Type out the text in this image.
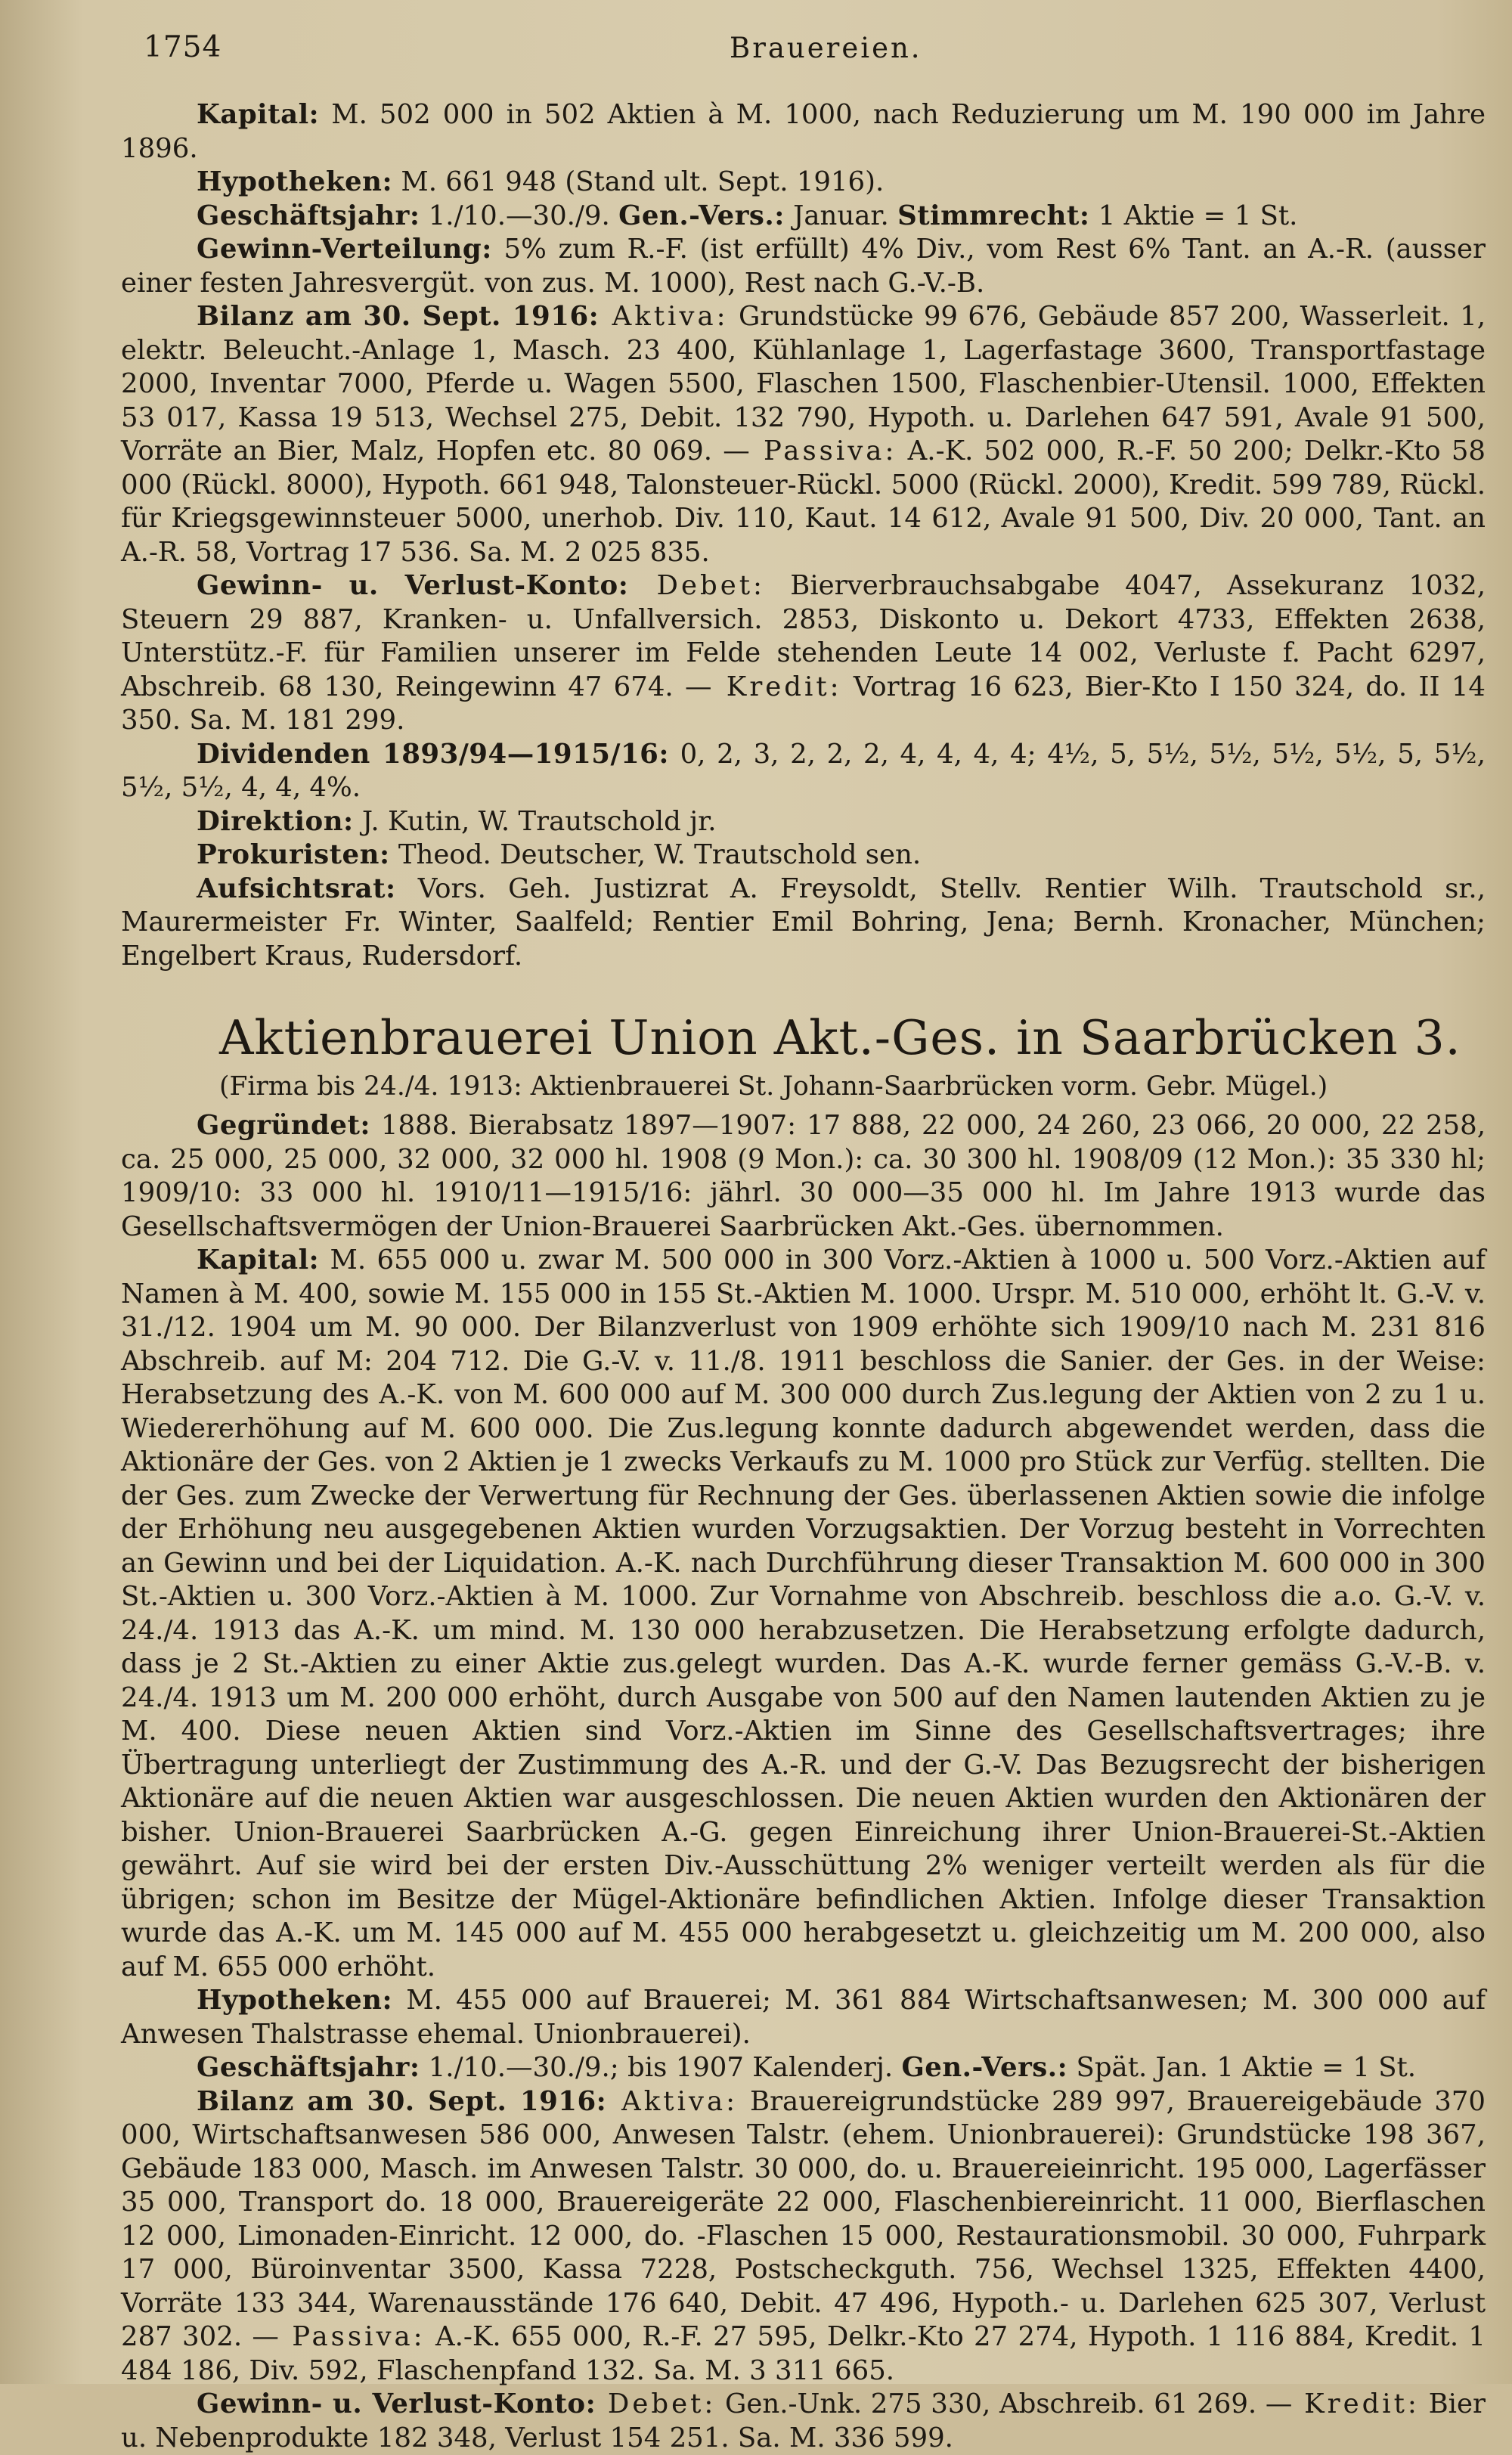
1754	Brauereien.

Kapital: M. 502 000 in 502 Aktien à M. 1000, nach Reduzierung um M. 190 000 im Jahre 1896.

Hypotheken: M. 661 948 (Stand ult. Sept. 1916).

Geschäftsjahr: 1./10.—30./9. Gen.-Vers.: Januar. Stimmrecht: 1 Aktie = 1 St.

Gewinn-Verteilung: 5% zum R.-F. (ist erfüllt) 4% Div., vom Rest 6% Tant. an A.-R. (ausser einer festen Jahresvergüt. von zus. M. 1000), Rest nach G.-V.-B.

Bilanz am 30. Sept. 1916: Aktiva: Grundstücke 99 676, Gebäude 857 200, Wasserleit. 1, elektr. Beleucht.-Anlage 1, Masch. 23 400, Kühlanlage 1, Lagerfastage 3600, Transportfastage 2000, Inventar 7000, Pferde u. Wagen 5500, Flaschen 1500, Flaschenbier-Utensil. 1000, Effekten 53 017, Kassa 19 513, Wechsel 275, Debit. 132 790, Hypoth. u. Darlehen 647 591, Avale 91 500, Vorräte an Bier, Malz, Hopfen etc. 80 069. — Passiva: A.-K. 502 000, R.-F. 50 200; Delkr.-Kto 58 000 (Rückl. 8000), Hypoth. 661 948, Talonsteuer-Rückl. 5000 (Rückl. 2000), Kredit. 599 789, Rückl. für Kriegsgewinnsteuer 5000, unerhob. Div. 110, Kaut. 14 612, Avale 91 500, Div. 20 000, Tant. an A.-R. 58, Vortrag 17 536. Sa. M. 2 025 835.

Gewinn- u. Verlust-Konto: Debet: Bierverbrauchsabgabe 4047, Assekuranz 1032, Steuern 29 887, Kranken- u. Unfallversich. 2853, Diskonto u. Dekort 4733, Effekten 2638, Unterstütz.-F. für Familien unserer im Felde stehenden Leute 14 002, Verluste f. Pacht 6297, Abschreib. 68 130, Reingewinn 47 674. — Kredit: Vortrag 16 623, Bier-Kto I 150 324, do. II 14 350. Sa. M. 181 299.

Dividenden 1893/94—1915/16: 0, 2, 3, 2, 2, 2, 4, 4, 4, 4; 4½, 5, 5½, 5½, 5½, 5½, 5, 5½, 5½, 5½, 4, 4, 4%.

Direktion: J. Kutin, W. Trautschold jr.

Prokuristen: Theod. Deutscher, W. Trautschold sen.

Aufsichtsrat: Vors. Geh. Justizrat A. Freysoldt, Stellv. Rentier Wilh. Trautschold sr., Maurermeister Fr. Winter, Saalfeld; Rentier Emil Bohring, Jena; Bernh. Kronacher, München; Engelbert Kraus, Rudersdorf.

Aktienbrauerei Union Akt.-Ges. in Saarbrücken 3.
(Firma bis 24./4. 1913: Aktienbrauerei St. Johann-Saarbrücken vorm. Gebr. Mügel.)

Gegründet: 1888. Bierabsatz 1897—1907: 17 888, 22 000, 24 260, 23 066, 20 000, 22 258, ca. 25 000, 25 000, 32 000, 32 000 hl. 1908 (9 Mon.): ca. 30 300 hl. 1908/09 (12 Mon.): 35 330 hl; 1909/10: 33 000 hl. 1910/11—1915/16: jährl. 30 000—35 000 hl. Im Jahre 1913 wurde das Gesellschaftsvermögen der Union-Brauerei Saarbrücken Akt.-Ges. übernommen.

Kapital: M. 655 000 u. zwar M. 500 000 in 300 Vorz.-Aktien à 1000 u. 500 Vorz.-Aktien auf Namen à M. 400, sowie M. 155 000 in 155 St.-Aktien M. 1000. Urspr. M. 510 000, erhöht lt. G.-V. v. 31./12. 1904 um M. 90 000. Der Bilanzverlust von 1909 erhöhte sich 1909/10 nach M. 231 816 Abschreib. auf M: 204 712. Die G.-V. v. 11./8. 1911 beschloss die Sanier. der Ges. in der Weise: Herabsetzung des A.-K. von M. 600 000 auf M. 300 000 durch Zus.legung der Aktien von 2 zu 1 u. Wiedererhöhung auf M. 600 000. Die Zus.legung konnte dadurch abgewendet werden, dass die Aktionäre der Ges. von 2 Aktien je 1 zwecks Verkaufs zu M. 1000 pro Stück zur Verfüg. stellten. Die der Ges. zum Zwecke der Verwertung für Rechnung der Ges. überlassenen Aktien sowie die infolge der Erhöhung neu ausgegebenen Aktien wurden Vorzugsaktien. Der Vorzug besteht in Vorrechten an Gewinn und bei der Liquidation. A.-K. nach Durchführung dieser Transaktion M. 600 000 in 300 St.-Aktien u. 300 Vorz.-Aktien à M. 1000. Zur Vornahme von Abschreib. beschloss die a.o. G.-V. v. 24./4. 1913 das A.-K. um mind. M. 130 000 herabzusetzen. Die Herabsetzung erfolgte dadurch, dass je 2 St.-Aktien zu einer Aktie zus.gelegt wurden. Das A.-K. wurde ferner gemäss G.-V.-B. v. 24./4. 1913 um M. 200 000 erhöht, durch Ausgabe von 500 auf den Namen lautenden Aktien zu je M. 400. Diese neuen Aktien sind Vorz.-Aktien im Sinne des Gesellschaftsvertrages; ihre Übertragung unterliegt der Zustimmung des A.-R. und der G.-V. Das Bezugsrecht der bisherigen Aktionäre auf die neuen Aktien war ausgeschlossen. Die neuen Aktien wurden den Aktionären der bisher. Union-Brauerei Saarbrücken A.-G. gegen Einreichung ihrer Union-Brauerei-St.-Aktien gewährt. Auf sie wird bei der ersten Div.-Ausschüttung 2% weniger verteilt werden als für die übrigen; schon im Besitze der Mügel-Aktionäre befindlichen Aktien. Infolge dieser Transaktion wurde das A.-K. um M. 145 000 auf M. 455 000 herabgesetzt u. gleichzeitig um M. 200 000, also auf M. 655 000 erhöht.

Hypotheken: M. 455 000 auf Brauerei; M. 361 884 Wirtschaftsanwesen; M. 300 000 auf Anwesen Thalstrasse ehemal. Unionbrauerei).

Geschäftsjahr: 1./10.—30./9.; bis 1907 Kalenderj. Gen.-Vers.: Spät. Jan. 1 Aktie = 1 St.

Bilanz am 30. Sept. 1916: Aktiva: Brauereigrundstücke 289 997, Brauereigebäude 370 000, Wirtschaftsanwesen 586 000, Anwesen Talstr. (ehem. Unionbrauerei): Grundstücke 198 367, Gebäude 183 000, Masch. im Anwesen Talstr. 30 000, do. u. Brauereieinricht. 195 000, Lagerfässer 35 000, Transport do. 18 000, Brauereigeräte 22 000, Flaschenbiereinricht. 11 000, Bierflaschen 12 000, Limonaden-Einricht. 12 000, do. -Flaschen 15 000, Restaurationsmobil. 30 000, Fuhrpark 17 000, Büroinventar 3500, Kassa 7228, Postscheckguth. 756, Wechsel 1325, Effekten 4400, Vorräte 133 344, Warenausstände 176 640, Debit. 47 496, Hypoth.- u. Darlehen 625 307, Verlust 287 302. — Passiva: A.-K. 655 000, R.-F. 27 595, Delkr.-Kto 27 274, Hypoth. 1 116 884, Kredit. 1 484 186, Div. 592, Flaschenpfand 132. Sa. M. 3 311 665.

Gewinn- u. Verlust-Konto: Debet: Gen.-Unk. 275 330, Abschreib. 61 269. — Kredit: Bier u. Nebenprodukte 182 348, Verlust 154 251. Sa. M. 336 599.
